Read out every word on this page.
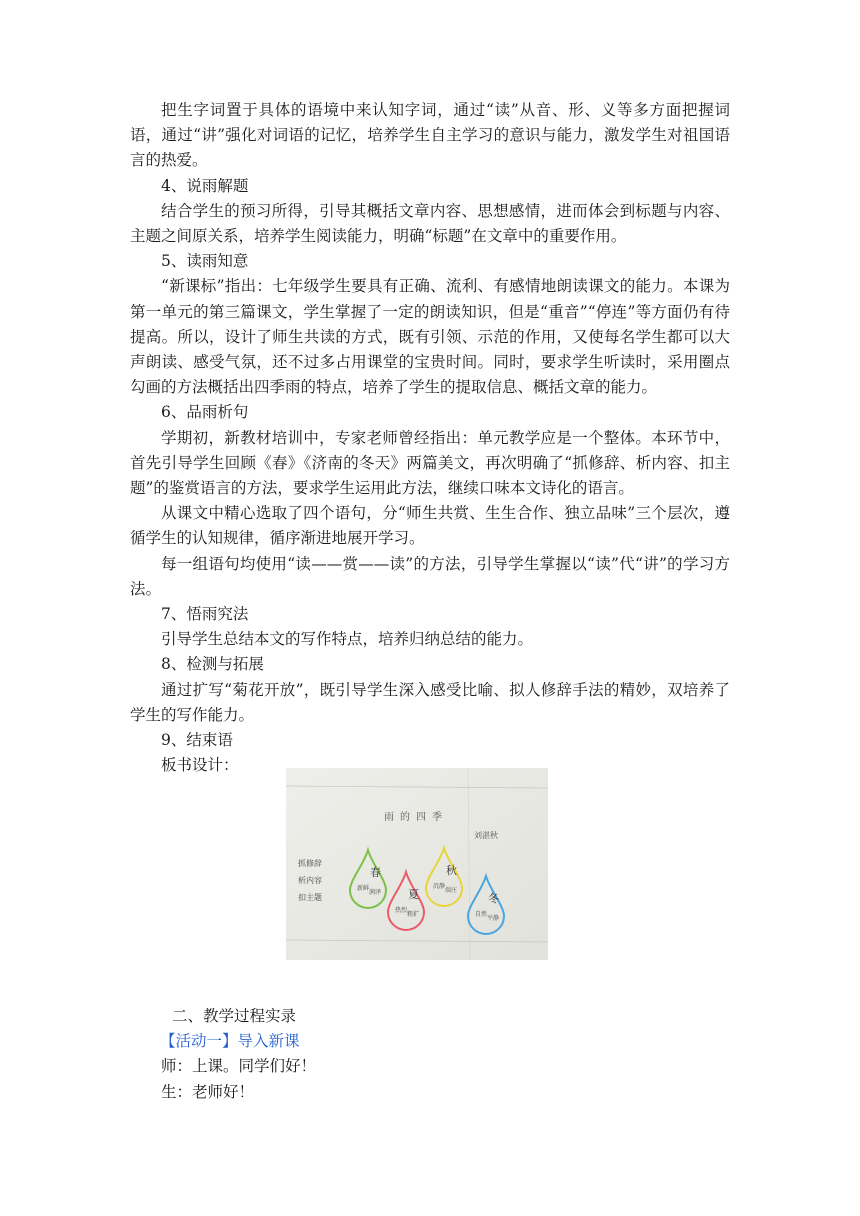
把生字词置于具体的语境中来认知字词，通过“读”从音、形、义等多方面把握词语，通过“讲”强化对词语的记忆，培养学生自主学习的意识与能力，激发学生对祖国语言的热爱。

4、说雨解题

结合学生的预习所得，引导其概括文章内容、思想感情，进而体会到标题与内容、主题之间原关系，培养学生阅读能力，明确“标题”在文章中的重要作用。

5、读雨知意

“新课标”指出：七年级学生要具有正确、流利、有感情地朗读课文的能力。本课为第一单元的第三篇课文，学生掌握了一定的朗读知识，但是“重音”“停连”等方面仍有待提高。所以，设计了师生共读的方式，既有引领、示范的作用，又使每名学生都可以大声朗读、感受气氛，还不过多占用课堂的宝贵时间。同时，要求学生听读时，采用圈点勾画的方法概括出四季雨的特点，培养了学生的提取信息、概括文章的能力。

6、品雨析句

学期初，新教材培训中，专家老师曾经指出：单元教学应是一个整体。本环节中，首先引导学生回顾《春》《济南的冬天》两篇美文，再次明确了“抓修辞、析内容、扣主题”的鉴赏语言的方法，要求学生运用此方法，继续口味本文诗化的语言。

从课文中精心选取了四个语句，分“师生共赏、生生合作、独立品味”三个层次，遵循学生的认知规律，循序渐进地展开学习。

每一组语句均使用“读——赏——读”的方法，引导学生掌握以“读”代“讲”的学习方法。

7、悟雨究法

引导学生总结本文的写作特点，培养归纳总结的能力。

8、检测与拓展

通过扩写“菊花开放”，既引导学生深入感受比喻、拟人修辞手法的精妙，双培养了学生的写作能力。

9、结束语

板书设计：

雨的四季
刘湛秋
抓修辞
析内容
扣主题
春
新鲜
润泽 夏
热烈
粗犷
秋
沉静
端庄
冬
自然
平静

二、教学过程实录

【活动一】导入新课

师：上课。同学们好！

生：老师好！
